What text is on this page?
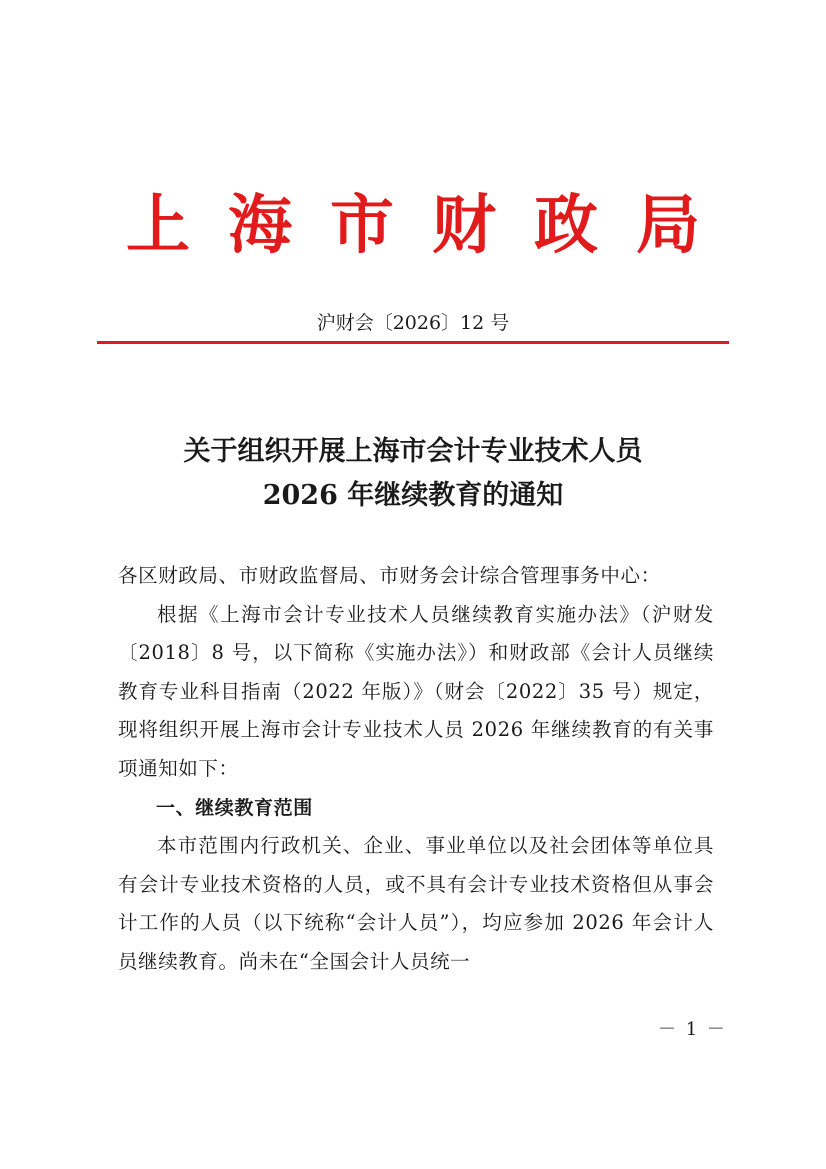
上海市财政局
沪财会〔2026〕12 号
关于组织开展上海市会计专业技术人员
2026 年继续教育的通知

各区财政局、市财政监督局、市财务会计综合管理事务中心：

根据《上海市会计专业技术人员继续教育实施办法》（沪财发〔2018〕8 号，以下简称《实施办法》）和财政部《会计人员继续教育专业科目指南（2022 年版）》（财会〔2022〕35 号）规定，现将组织开展上海市会计专业技术人员 2026 年继续教育的有关事项通知如下：

一、继续教育范围

本市范围内行政机关、企业、事业单位以及社会团体等单位具有会计专业技术资格的人员，或不具有会计专业技术资格但从事会计工作的人员（以下统称“会计人员”），均应参加 2026 年会计人员继续教育。尚未在“全国会计人员统一

－ 1 －
